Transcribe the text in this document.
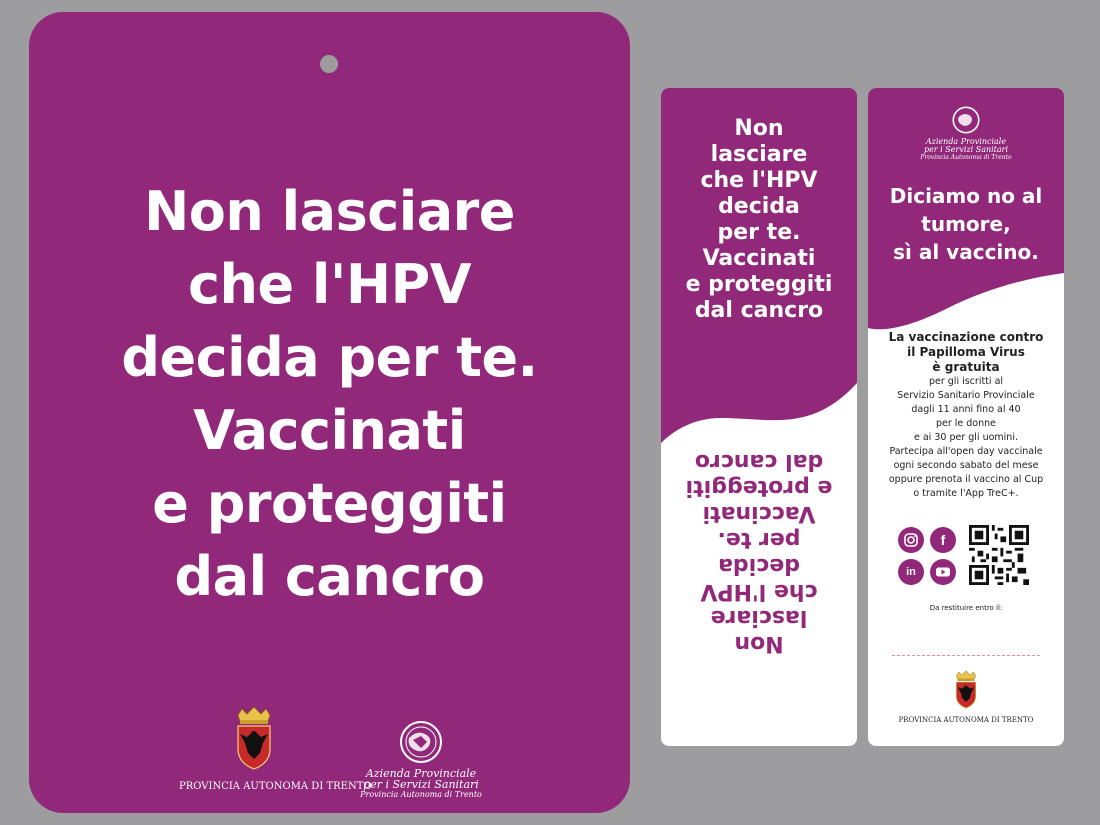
Non lasciare
che l'HPV
decida per te.
Vaccinati
e proteggiti
dal cancro
PROVINCIA AUTONOMA DI TRENTO
Azienda Provinciale
per i Servizi Sanitari
Provincia Autonoma di Trento
Non
lasciare
che l'HPV
decida
per te.
Vaccinati
e proteggiti
dal cancro
Non
lasciare
che l'HPV
decida
per te.
Vaccinati
e proteggiti
dal cancro
Azienda Provinciale
per i Servizi Sanitari
Provincia Autonoma di Trento
Diciamo no al
tumore,
sì al vaccino.
La vaccinazione contro
il Papilloma Virus
è gratuita
per gli iscritti al
Servizio Sanitario Provinciale
dagli 11 anni fino al 40
per le donne
e ai 30 per gli uomini.
Partecipa all'open day vaccinale
ogni secondo sabato del mese
oppure prenota il vaccino al Cup
o tramite l'App TreC+.
f
in
Da restituire entro il:
PROVINCIA AUTONOMA DI TRENTO
